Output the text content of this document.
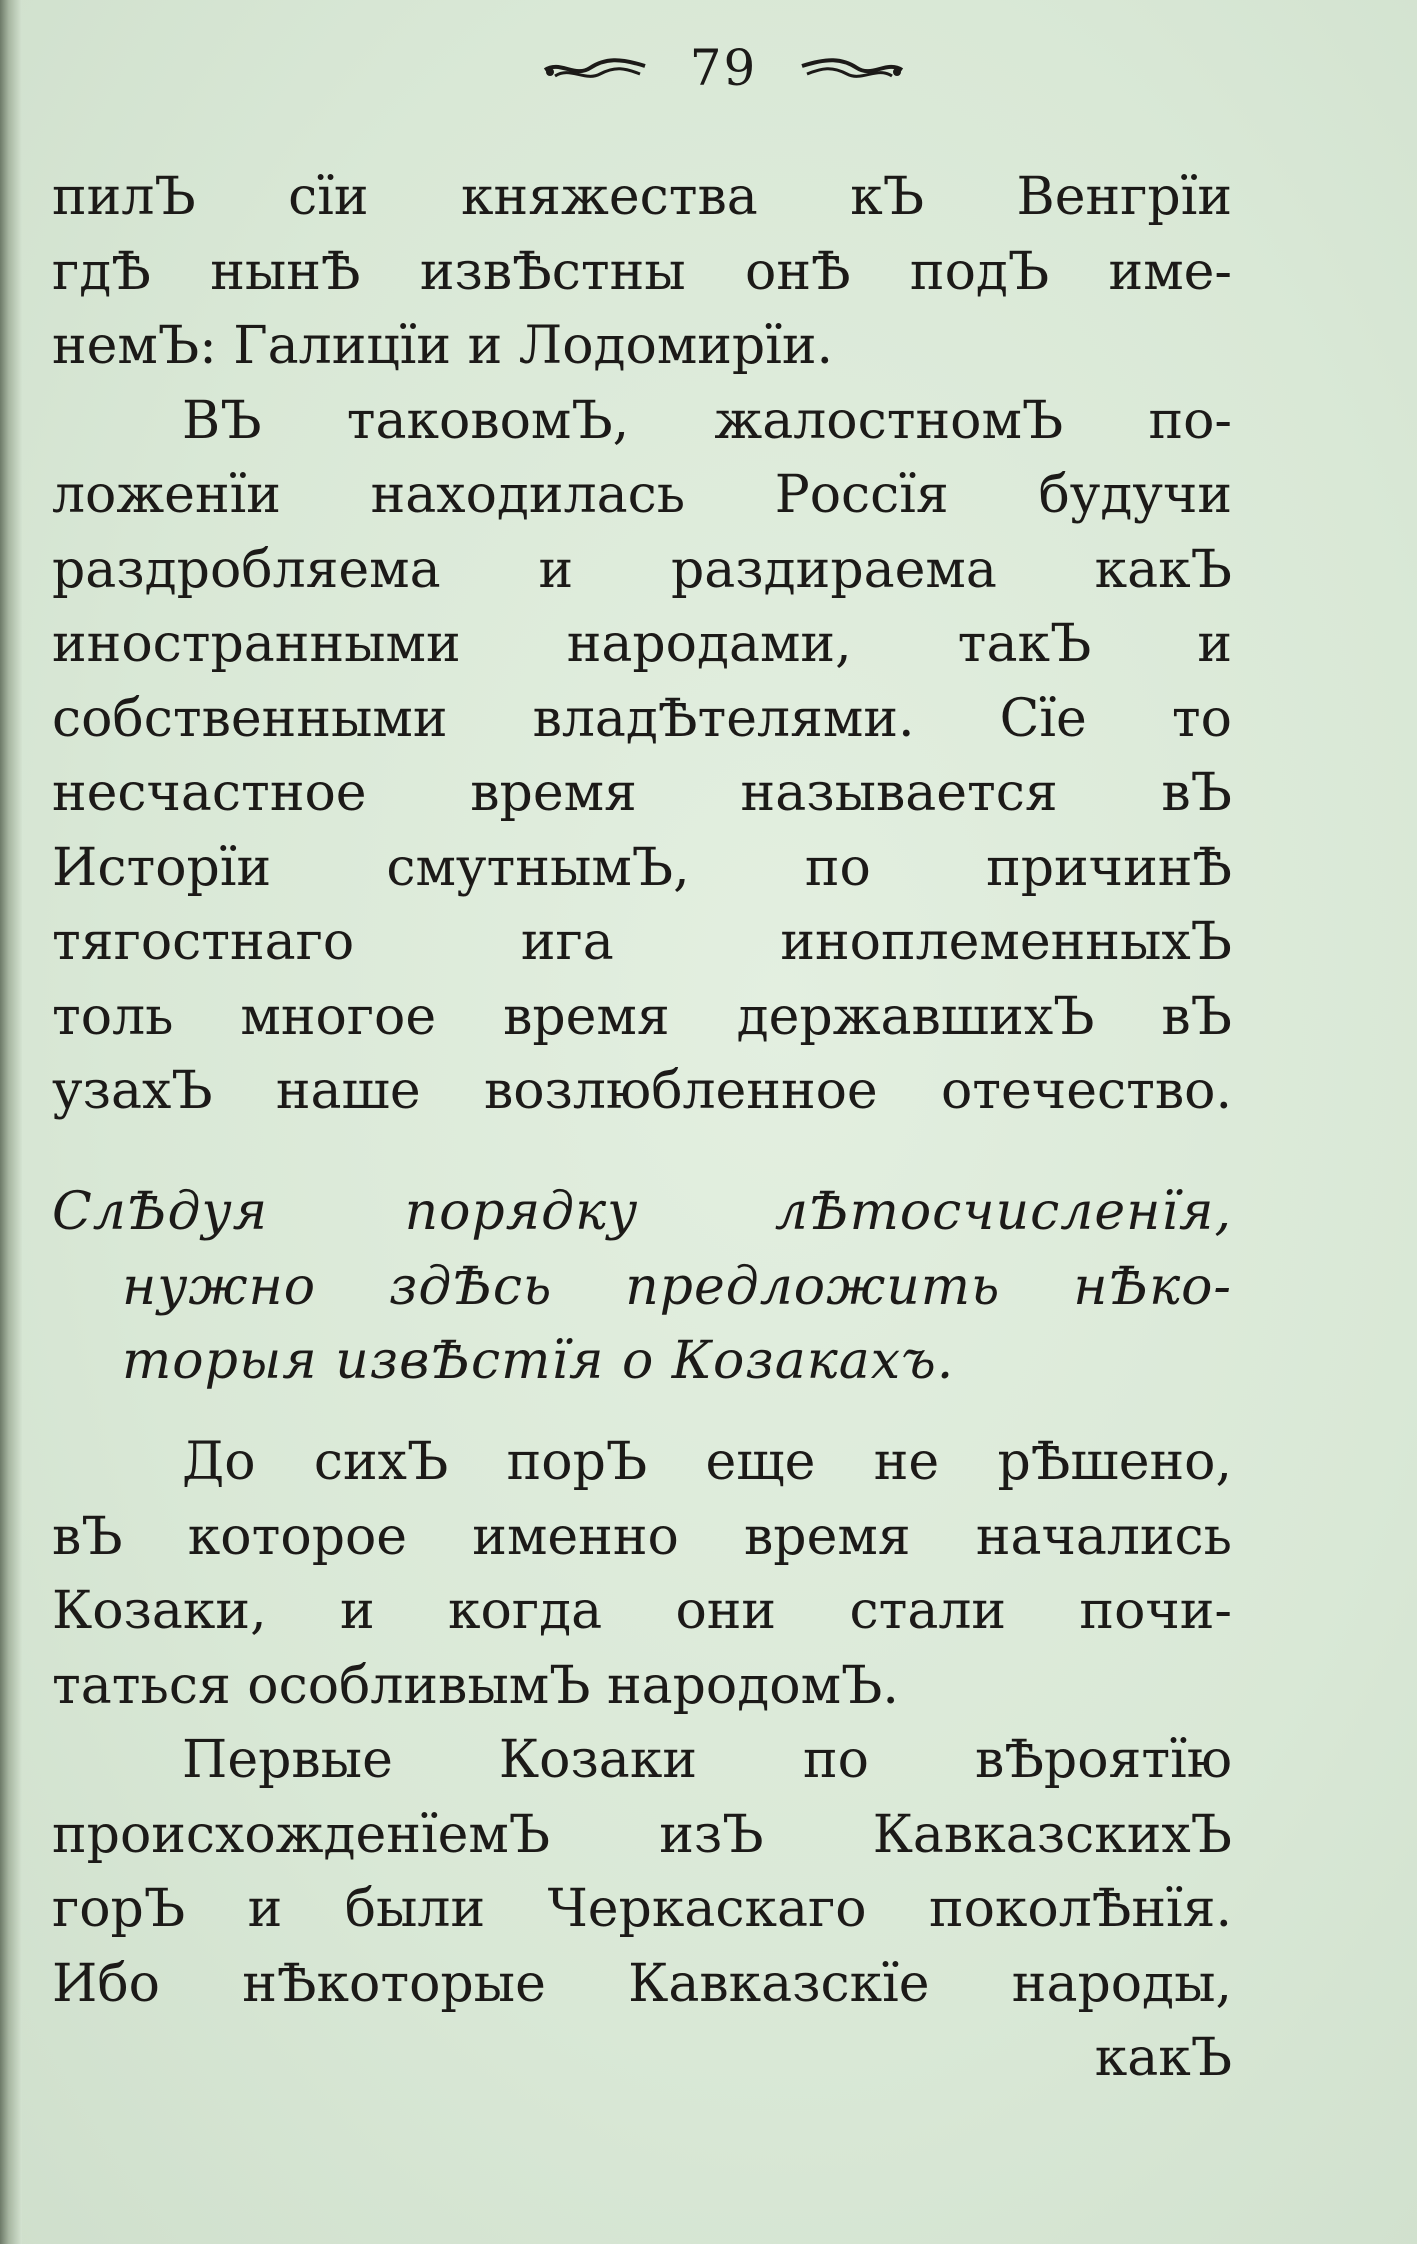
79
пилЪ сїи княжества кЪ Венгрїи
гдѢ нынѢ извѢстны онѢ подЪ име-
немЪ: Галицїи и Лодомирїи.
ВЪ таковомЪ, жалостномЪ по-
ложенїи находилась Россїя будучи
раздробляема и раздираема какЪ
иностранными народами, такЪ и
собственными владѢтелями. Сїе то
несчастное время называется вЪ
Исторїи смутнымЪ, по причинѢ
тягостнаго ига иноплеменныхЪ
толь многое время державшихЪ вЪ
узахЪ наше возлюбленное отечество.
СлѢдуя порядку лѢтосчисленїя,
нужно здѢсь предложить нѢко-
торыя извѢстїя о Козакахъ.
До сихЪ порЪ еще не рѢшено,
вЪ которое именно время начались
Козаки, и когда они стали почи-
таться особливымЪ народомЪ.
Первые Козаки по вѢроятїю
происхожденїемЪ изЪ КавказскихЪ
горЪ и были Черкаскаго поколѢнїя.
Ибо нѢкоторые Кавказскїе народы,
какЪ
